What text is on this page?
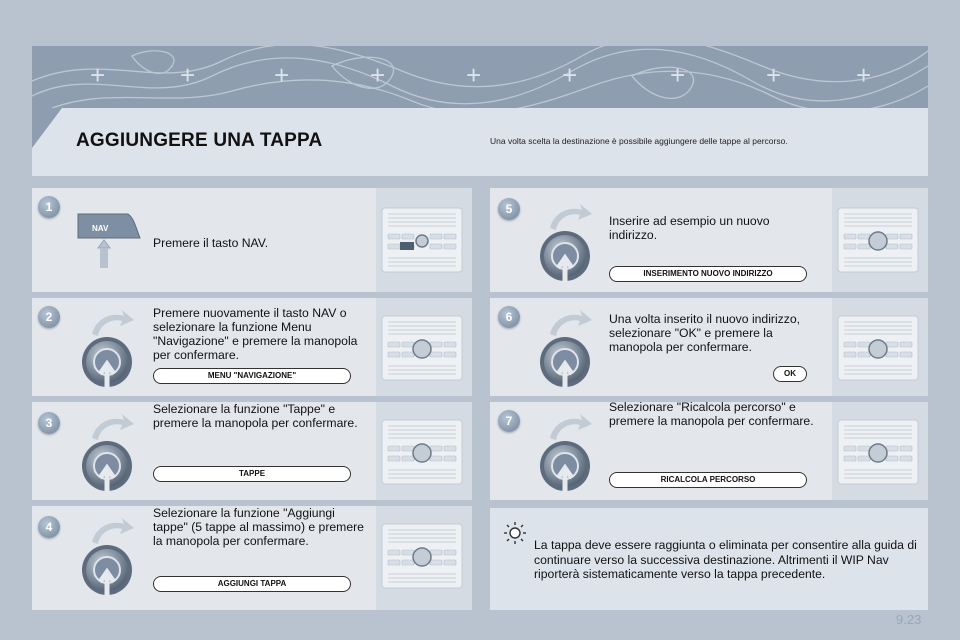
+	+	+	+	+	+	+	+	+
AGGIUNGERE UNA TAPPA	Una volta scelta la destinazione è possibile aggiungere delle tappe al percorso.
1
NAV
Premere il tasto NAV.
2	Premere nuovamente il tasto NAV o selezionare la funzione Menu "Navigazione" e premere la manopola per confermare.
MENU "NAVIGAZIONE"
3
Selezionare la funzione "Tappe" e premere la manopola per confermare.
TAPPE
4
Selezionare la funzione "Aggiungi tappe" (5 tappe al massimo) e premere la manopola per confermare.
AGGIUNGI TAPPA
5
Inserire ad esempio un nuovo indirizzo.
INSERIMENTO NUOVO INDIRIZZO
6	Una volta inserito il nuovo indirizzo, selezionare "OK" e premere la manopola per confermare.
OK
7
Selezionare "Ricalcola percorso" e premere la manopola per confermare.
RICALCOLA PERCORSO
La tappa deve essere raggiunta o eliminata per consentire alla guida di continuare verso la successiva destinazione. Altrimenti il WIP Nav riporterà sistematicamente verso la tappa precedente.
9.23
